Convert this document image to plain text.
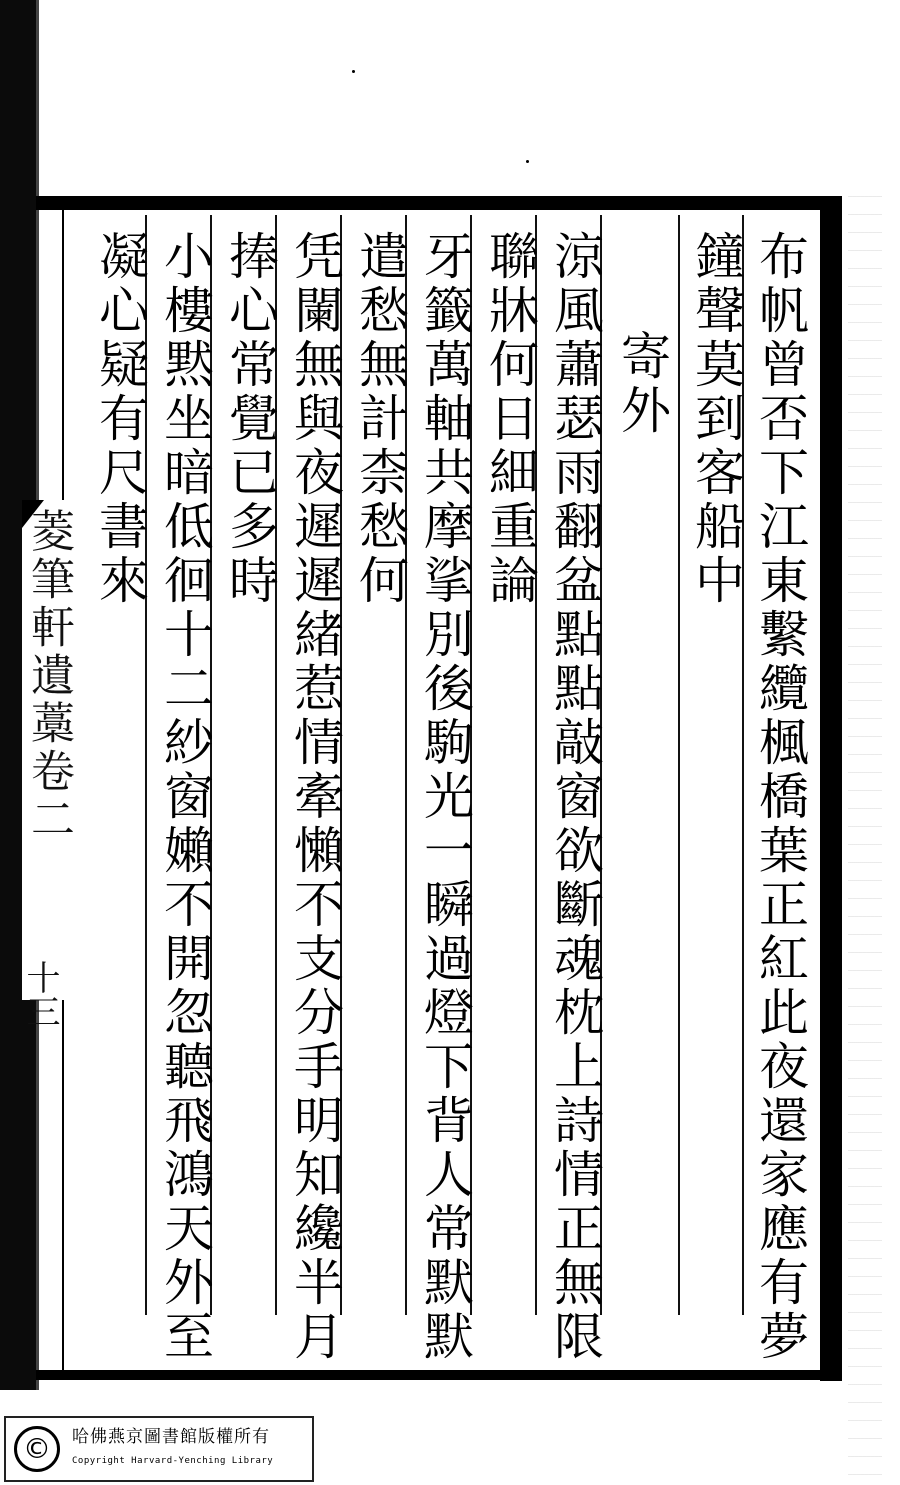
布帆曾否下江東繫纜楓橋葉正紅此夜還家應有夢
鐘聲莫到客船中
寄外
涼風蕭瑟雨翻盆點點敲窗欲斷魂枕上詩情正無限
聯牀何日細重論
牙籤萬軸共摩挲別後駒光一瞬過燈下背人常默默
遣愁無計柰愁何
凭闌無與夜遲遲緒惹情牽懶不支分手明知纔半月
捧心常覺已多時
小樓黙坐暗低徊十二紗窗嬾不開忽聽飛鴻天外至
凝心疑有尺書來
菱筆軒遺藁卷二
十三
©	哈佛燕京圖書館版權所有
Copyright Harvard-Yenching Library
